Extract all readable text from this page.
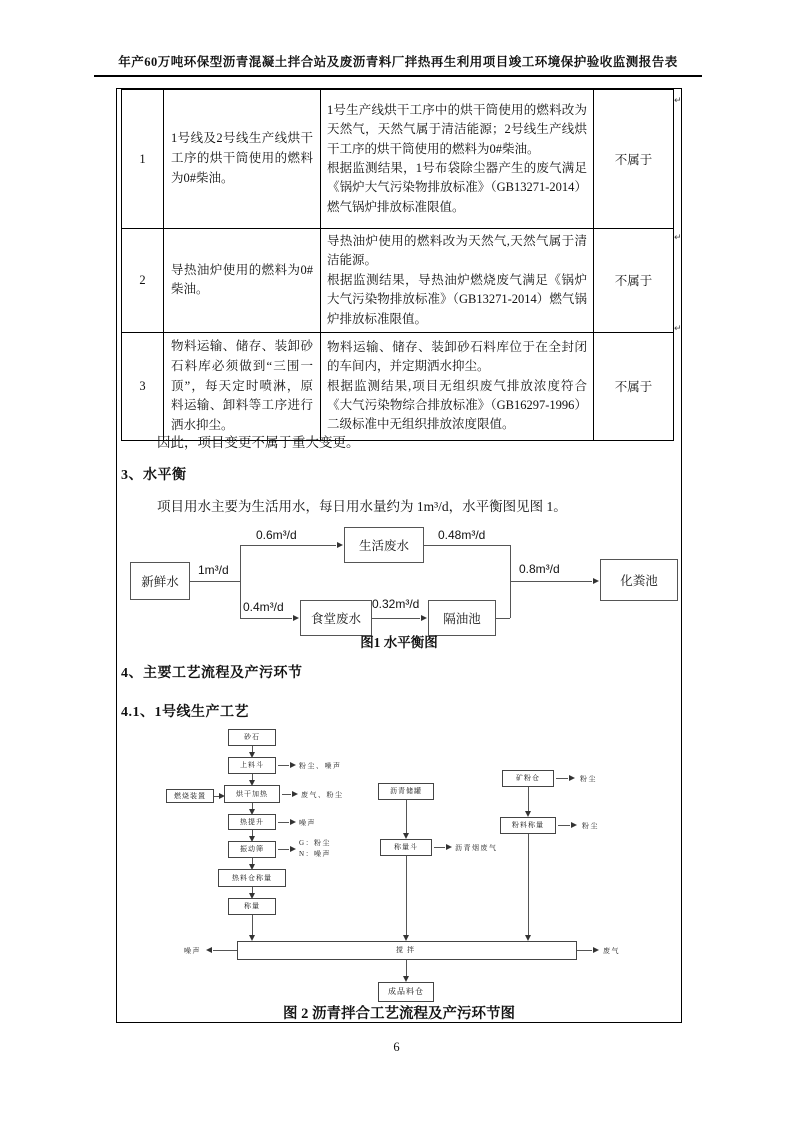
年产60万吨环保型沥青混凝土拌合站及废沥青料厂拌热再生利用项目竣工环境保护验收监测报告表
1	1号线及2号线生产线烘干工序的烘干筒使用的燃料为0#柴油。	1号生产线烘干工序中的烘干筒使用的燃料改为天然气，天然气属于清洁能源；2号线生产线烘干工序的烘干筒使用的燃料为0#柴油。
根据监测结果，1号布袋除尘器产生的废气满足《锅炉大气污染物排放标准》（GB13271-2014）燃气锅炉排放标准限值。	不属于
2	导热油炉使用的燃料为0#柴油。	导热油炉使用的燃料改为天然气,天然气属于清洁能源。
根据监测结果，导热油炉燃烧废气满足《锅炉大气污染物排放标准》（GB13271-2014）燃气锅炉排放标准限值。	不属于
3	物料运输、储存、装卸砂石料库必须做到“三围一顶”，每天定时喷淋，原料运输、卸料等工序进行洒水抑尘。	物料运输、储存、装卸砂石料库位于在全封闭的车间内，并定期洒水抑尘。
根据监测结果,项目无组织废气排放浓度符合《大气污染物综合排放标准》（GB16297-1996）二级标准中无组织排放浓度限值。	不属于
↵
↵
↵
因此，项目变更不属于重大变更。
3、水平衡
项目用水主要为生活用水，每日用水量约为 1m³/d，水平衡图见图 1。
新鲜水
生活废水
食堂废水	隔油池
化粪池
1m³/d
0.6m³/d	0.48m³/d
0.4m³/d	0.32m³/d
0.8m³/d
图1 水平衡图
4、主要工艺流程及产污环节
4.1、1号线生产工艺
砂石
上料斗	粉尘、噪声
燃烧装置	烘干加热	废气、粉尘
热提升	噪声
振动筛
G：粉尘
N：噪声
热料仓称量
称量
沥青储罐
称量斗	沥青烟废气
矿粉仓	粉尘
粉料称量	粉尘
搅拌
噪声	废气
成品料仓
图 2 沥青拌合工艺流程及产污环节图
6
